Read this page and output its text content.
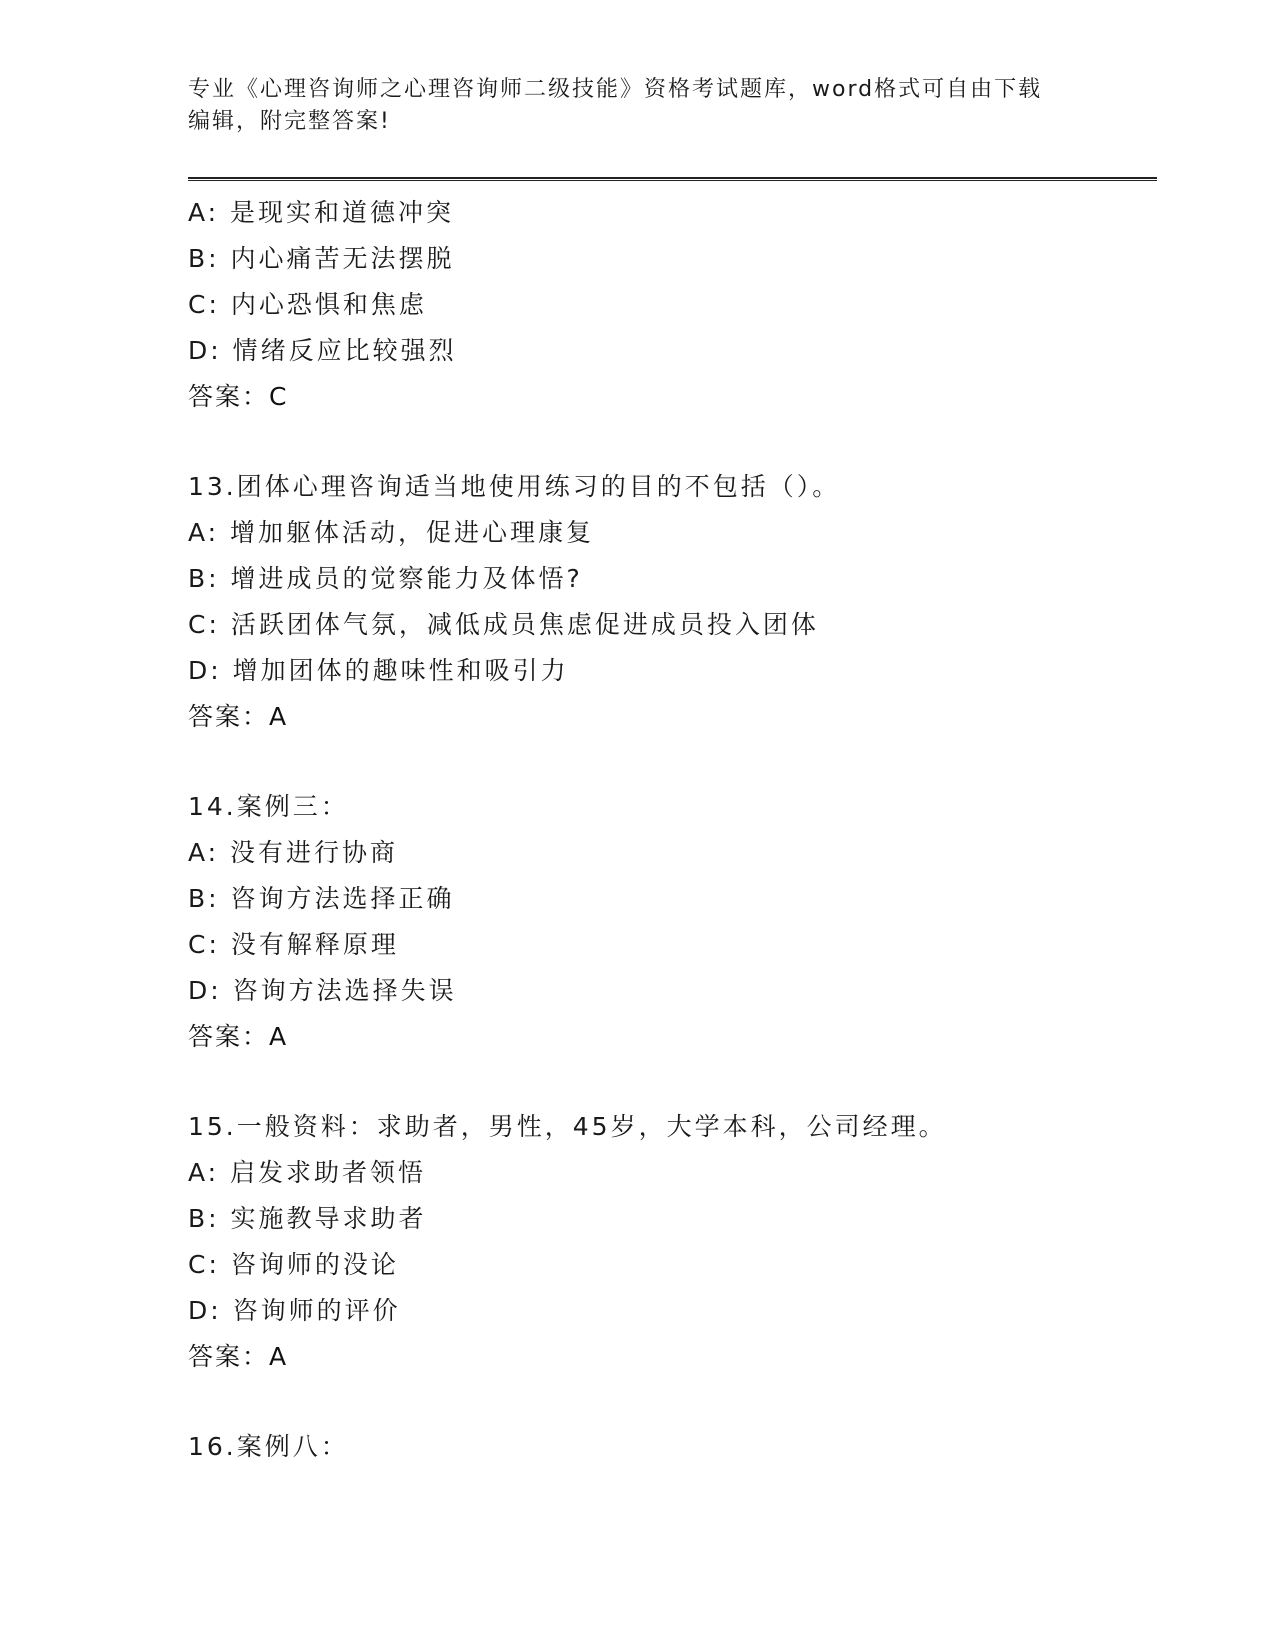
专业《心理咨询师之心理咨询师二级技能》资格考试题库，word格式可自由下载
编辑，附完整答案!
A: 是现实和道德冲突
B: 内心痛苦无法摆脱
C: 内心恐惧和焦虑
D: 情绪反应比较强烈
答案：C
13.团体心理咨询适当地使用练习的目的不包括（）。
A: 增加躯体活动，促进心理康复
B: 增进成员的觉察能力及体悟?
C: 活跃团体气氛，减低成员焦虑促进成员投入团体
D: 增加团体的趣味性和吸引力
答案：A
14.案例三：
A: 没有进行协商
B: 咨询方法选择正确
C: 没有解释原理
D: 咨询方法选择失误
答案：A
15.一般资料：求助者，男性，45岁，大学本科，公司经理。
A: 启发求助者领悟
B: 实施教导求助者
C: 咨询师的没论
D: 咨询师的评价
答案：A
16.案例八：
